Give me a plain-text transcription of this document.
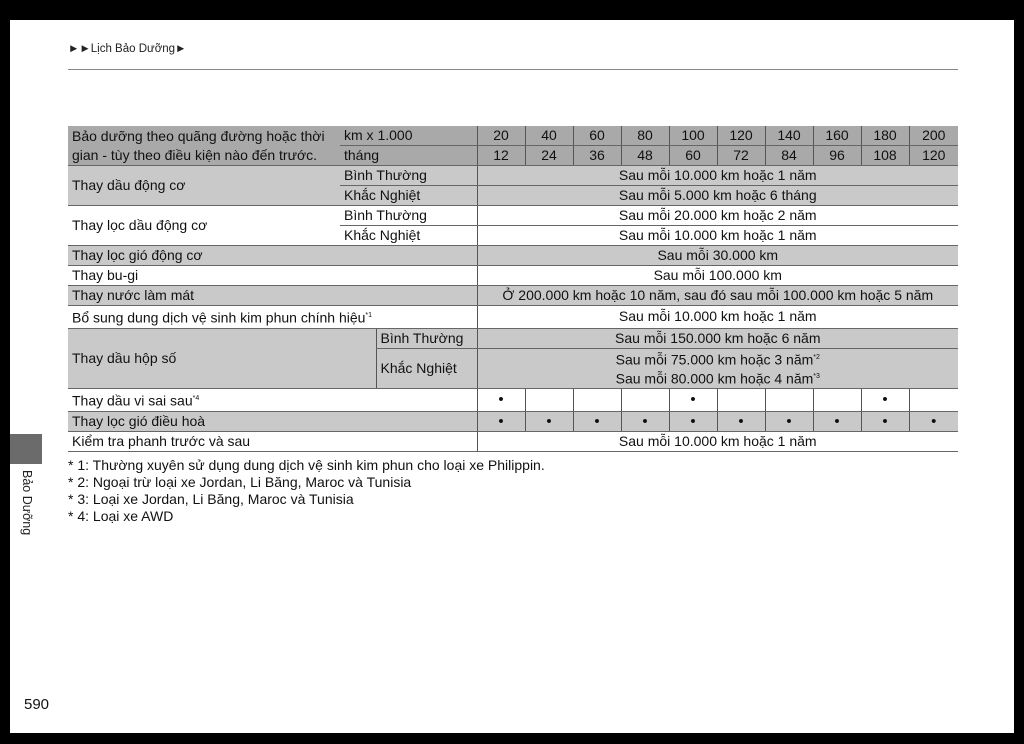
►►Lịch Bảo Dưỡng►
Bảo dưỡng theo quãng đường hoặc thời
gian - tùy theo điều kiện nào đến trước.	km x 1.000		20	40	60	80	100	120	140	160	180	200
	tháng		12	24	36	48	60	72	84	96	108	120
Thay dầu động cơ	Bình Thường		Sau mỗi 10.000 km hoặc 1 năm									
	Khắc Nghiệt		Sau mỗi 5.000 km hoặc 6 tháng									
Thay lọc dầu động cơ	Bình Thường		Sau mỗi 20.000 km hoặc 2 năm									
	Khắc Nghiệt		Sau mỗi 10.000 km hoặc 1 năm									
Thay lọc gió động cơ			Sau mỗi 30.000 km									
Thay bu-gi			Sau mỗi 100.000 km									
Thay nước làm mát			Ở 200.000 km hoặc 10 năm, sau đó sau mỗi 100.000 km hoặc 5 năm									
Bổ sung dung dịch vệ sinh kim phun chính hiệu$^{*1}$			Sau mỗi 10.000 km hoặc 1 năm									
Thay dầu hộp số		Bình Thường	Sau mỗi 150.000 km hoặc 6 năm									
		Khắc Nghiệt	Sau mỗi 75.000 km hoặc 3 năm$^{*2}$
Sau mỗi 80.000 km hoặc 4 năm$^{*3}$

Thay dầu vi sai sau$^{*4}$			•				•				•	
Thay lọc gió điều hoà			•	•	•	•	•	•	•	•	•	•
Kiểm tra phanh trước và sau			Sau mỗi 10.000 km hoặc 1 năm									
* 1: Thường xuyên sử dụng dung dịch vệ sinh kim phun cho loại xe Philippin.
* 2: Ngoại trừ loại xe Jordan, Li Băng, Maroc và Tunisia
* 3: Loại xe Jordan, Li Băng, Maroc và Tunisia
* 4: Loại xe AWD
Bảo Dưỡng
590
